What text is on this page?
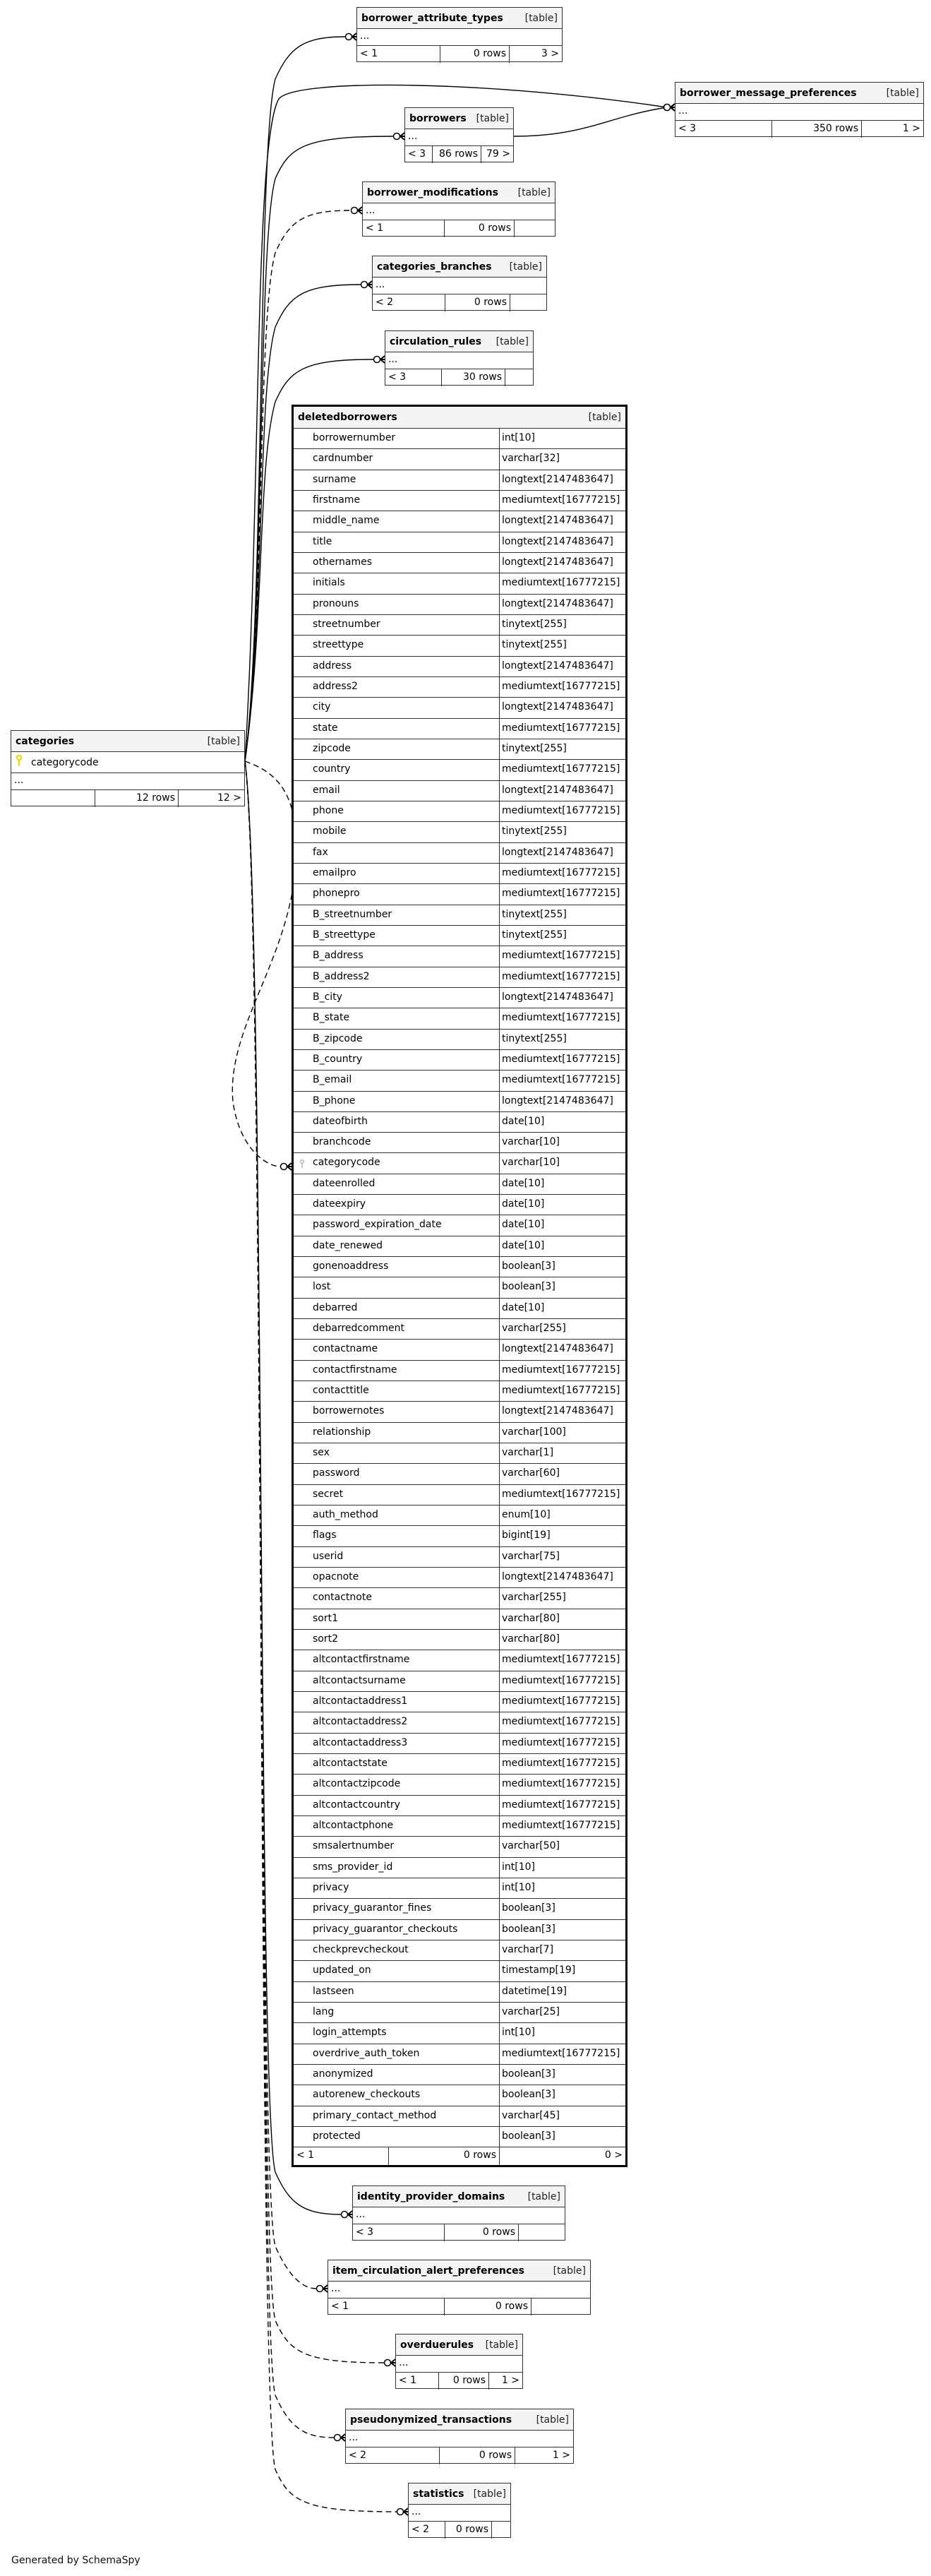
borrower_attribute_types [table]
...
< 1	0 rows	3 >
borrower_message_preferences	[table]
...
< 3	350 rows	1 >
borrowers [table]
...
< 3	86 rows 79 >
borrower_modifications [table]
...
< 1	0 rows
categories_branches [table]
...
< 2	0 rows
circulation_rules [table]
...
< 3	30 rows
categories	[table]
categorycode
...
12 rows	12 >
deletedborrowers	[table]
borrowernumber	int[10]
cardnumber	varchar[32]
surname	longtext[2147483647]
firstname	mediumtext[16777215]
middle_name	longtext[2147483647]
title	longtext[2147483647]
othernames	longtext[2147483647]
initials	mediumtext[16777215]
pronouns	longtext[2147483647]
streetnumber	tinytext[255]
streettype	tinytext[255]
address	longtext[2147483647]
address2	mediumtext[16777215]
city	longtext[2147483647]
state	mediumtext[16777215]
zipcode	tinytext[255]
country	mediumtext[16777215]
email	longtext[2147483647]
phone	mediumtext[16777215]
mobile	tinytext[255]
fax	longtext[2147483647]
emailpro	mediumtext[16777215]
phonepro	mediumtext[16777215]
B_streetnumber	tinytext[255]
B_streettype	tinytext[255]
B_address	mediumtext[16777215]
B_address2	mediumtext[16777215]
B_city	longtext[2147483647]
B_state	mediumtext[16777215]
B_zipcode	tinytext[255]
B_country	mediumtext[16777215]
B_email	mediumtext[16777215]
B_phone	longtext[2147483647]
dateofbirth	date[10]
branchcode	varchar[10]
categorycode	varchar[10]
dateenrolled	date[10]
dateexpiry	date[10]
password_expiration_date	date[10]
date_renewed	date[10]
gonenoaddress	boolean[3]
lost	boolean[3]
debarred	date[10]
debarredcomment	varchar[255]
contactname	longtext[2147483647]
contactfirstname	mediumtext[16777215]
contacttitle	mediumtext[16777215]
borrowernotes	longtext[2147483647]
relationship	varchar[100]
sex	varchar[1]
password	varchar[60]
secret	mediumtext[16777215]
auth_method	enum[10]
flags	bigint[19]
userid	varchar[75]
opacnote	longtext[2147483647]
contactnote	varchar[255]
sort1	varchar[80]
sort2	varchar[80]
altcontactfirstname	mediumtext[16777215]
altcontactsurname	mediumtext[16777215]
altcontactaddress1	mediumtext[16777215]
altcontactaddress2	mediumtext[16777215]
altcontactaddress3	mediumtext[16777215]
altcontactstate	mediumtext[16777215]
altcontactzipcode	mediumtext[16777215]
altcontactcountry	mediumtext[16777215]
altcontactphone	mediumtext[16777215]
smsalertnumber	varchar[50]
sms_provider_id	int[10]
privacy	int[10]
privacy_guarantor_fines	boolean[3]
privacy_guarantor_checkouts	boolean[3]
checkprevcheckout	varchar[7]
updated_on	timestamp[19]
lastseen	datetime[19]
lang	varchar[25]
login_attempts	int[10]
overdrive_auth_token	mediumtext[16777215]
anonymized	boolean[3]
autorenew_checkouts	boolean[3]
primary_contact_method	varchar[45]
protected	boolean[3]
< 1	0 rows	0 >
identity_provider_domains [table]
...
< 3	0 rows
item_circulation_alert_preferences	[table]
...
< 1	0 rows
overduerules [table]
...
< 1	0 rows	1 >
pseudonymized_transactions [table]
...
< 2	0 rows	1 >
statistics [table]
...
< 2	0 rows
Generated by SchemaSpy
